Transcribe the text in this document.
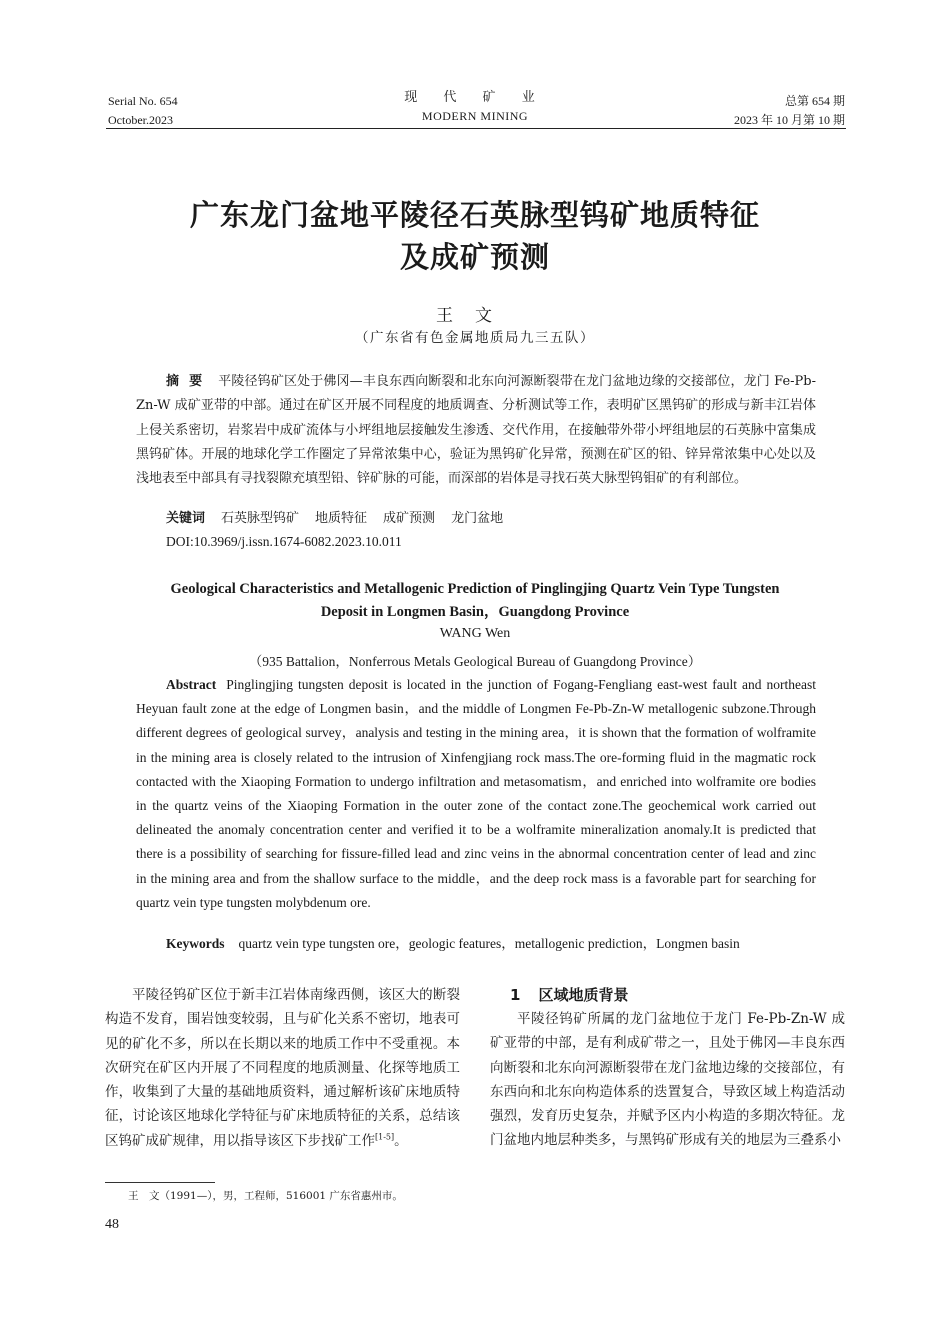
Serial No. 654
October.2023
现 代 矿 业
MODERN MINING
总第 654 期
2023 年 10 月第 10 期
广东龙门盆地平陵径石英脉型钨矿地质特征
及成矿预测
王文
（广东省有色金属地质局九三五队）
摘要 平陵径钨矿区处于佛冈—丰良东西向断裂和北东向河源断裂带在龙门盆地边缘的交接部位，龙门 Fe-Pb-Zn-W 成矿亚带的中部。通过在矿区开展不同程度的地质调查、分析测试等工作，表明矿区黑钨矿的形成与新丰江岩体上侵关系密切，岩浆岩中成矿流体与小坪组地层接触发生渗透、交代作用，在接触带外带小坪组地层的石英脉中富集成黑钨矿体。开展的地球化学工作圈定了异常浓集中心，验证为黑钨矿化异常，预测在矿区的铅、锌异常浓集中心处以及浅地表至中部具有寻找裂隙充填型铅、锌矿脉的可能，而深部的岩体是寻找石英大脉型钨钼矿的有利部位。
关键词 石英脉型钨矿 地质特征 成矿预测 龙门盆地
DOI:10.3969/j.issn.1674-6082.2023.10.011
Geological Characteristics and Metallogenic Prediction of Pinglingjing Quartz Vein Type Tungsten
Deposit in Longmen Basin，Guangdong Province
WANG Wen
（935 Battalion，Nonferrous Metals Geological Bureau of Guangdong Province）
Abstract Pinglingjing tungsten deposit is located in the junction of Fogang-Fengliang east-west fault and northeast Heyuan fault zone at the edge of Longmen basin，and the middle of Longmen Fe-Pb-Zn-W metallogenic subzone.Through different degrees of geological survey，analysis and testing in the mining area，it is shown that the formation of wolframite in the mining area is closely related to the intrusion of Xinfengjiang rock mass.The ore-forming fluid in the magmatic rock contacted with the Xiaoping Formation to undergo infiltration and metasomatism，and enriched into wolframite ore bodies in the quartz veins of the Xiaoping Formation in the outer zone of the contact zone.The geochemical work carried out delineated the anomaly concentration center and verified it to be a wolframite mineralization anomaly.It is predicted that there is a possibility of searching for fissure-filled lead and zinc veins in the abnormal concentration center of lead and zinc in the mining area and from the shallow surface to the middle，and the deep rock mass is a favorable part for searching for quartz vein type tungsten molybdenum ore.
Keywords quartz vein type tungsten ore，geologic features，metallogenic prediction，Longmen basin
平陵径钨矿区位于新丰江岩体南缘西侧，该区大的断裂构造不发育，围岩蚀变较弱，且与矿化关系不密切，地表可见的矿化不多，所以在长期以来的地质工作中不受重视。本次研究在矿区内开展了不同程度的地质测量、化探等地质工作，收集到了大量的基础地质资料，通过解析该矿床地质特征，讨论该区地球化学特征与矿床地质特征的关系，总结该区钨矿成矿规律，用以指导该区下步找矿工作[1-5]。
1 区域地质背景
平陵径钨矿所属的龙门盆地位于龙门 Fe-Pb-Zn-W 成矿亚带的中部，是有利成矿带之一，且处于佛冈—丰良东西向断裂和北东向河源断裂带在龙门盆地边缘的交接部位，有东西向和北东向构造体系的迭置复合，导致区域上构造活动强烈，发育历史复杂，并赋予区内小构造的多期次特征。龙门盆地内地层种类多，与黑钨矿形成有关的地层为三叠系小
王　文（1991—），男，工程师，516001 广东省惠州市。
48
